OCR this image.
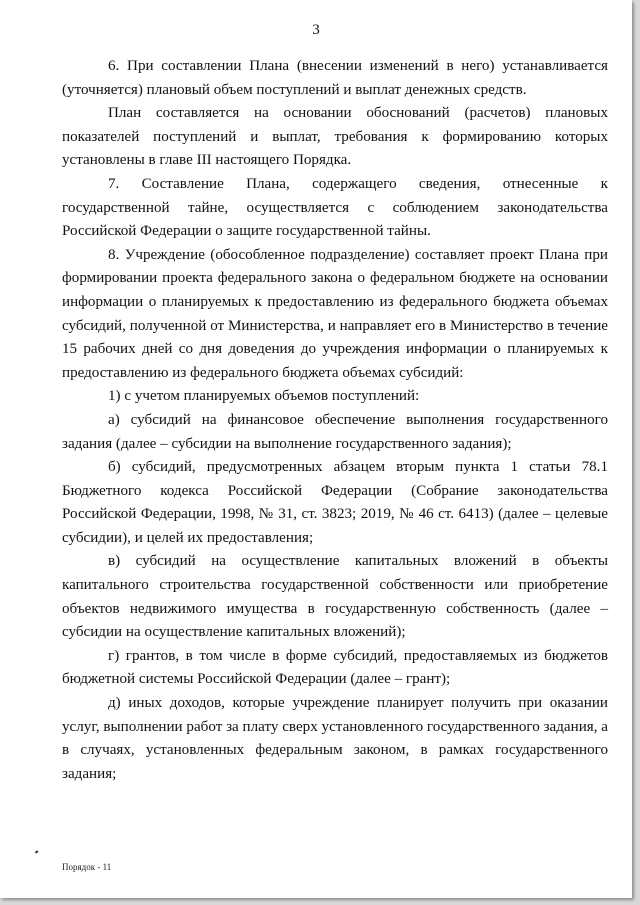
3

6. При составлении Плана (внесении изменений в него) устанавливается (уточняется) плановый объем поступлений и выплат денежных средств.

План составляется на основании обоснований (расчетов) плановых показателей поступлений и выплат, требования к формированию которых установлены в главе III настоящего Порядка.

7. Составление Плана, содержащего сведения, отнесенные к государственной тайне, осуществляется с соблюдением законодательства Российской Федерации о защите государственной тайны.

8. Учреждение (обособленное подразделение) составляет проект Плана при формировании проекта федерального закона о федеральном бюджете на основании информации о планируемых к предоставлению из федерального бюджета объемах субсидий, полученной от Министерства, и направляет его в Министерство в течение 15 рабочих дней со дня доведения до учреждения информации о планируемых к предоставлению из федерального бюджета объемах субсидий:

1) с учетом планируемых объемов поступлений:

а) субсидий на финансовое обеспечение выполнения государственного задания (далее – субсидии на выполнение государственного задания);

б) субсидий, предусмотренных абзацем вторым пункта 1 статьи 78.1 Бюджетного кодекса Российской Федерации (Собрание законодательства Российской Федерации, 1998, № 31, ст. 3823; 2019, № 46 ст. 6413) (далее – целевые субсидии), и целей их предоставления;

в) субсидий на осуществление капитальных вложений в объекты капитального строительства государственной собственности или приобретение объектов недвижимого имущества в государственную собственность (далее – субсидии на осуществление капитальных вложений);

г) грантов, в том числе в форме субсидий, предоставляемых из бюджетов бюджетной системы Российской Федерации (далее – грант);

д) иных доходов, которые учреждение планирует получить при оказании услуг, выполнении работ за плату сверх установленного государственного задания, а в случаях, установленных федеральным законом, в рамках государственного задания;

Порядок - 11
